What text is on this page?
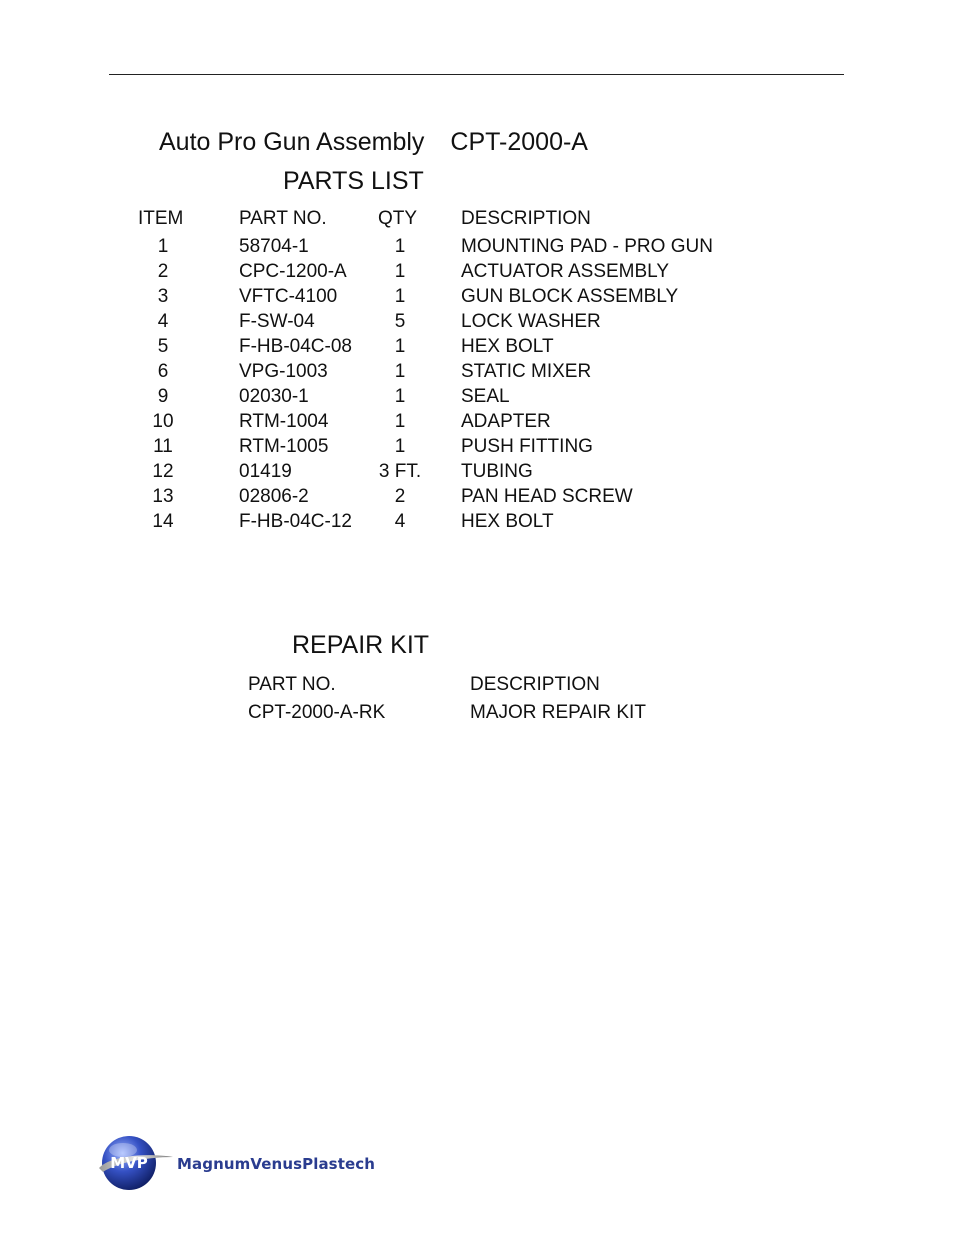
Auto Pro Gun Assembly CPT-2000-A
PARTS LIST
ITEM	PART NO.	QTY DESCRIPTION
1	58704-1	1	MOUNTING PAD - PRO GUN
2	CPC-1200-A	1	ACTUATOR ASSEMBLY
3	VFTC-4100	1	GUN BLOCK ASSEMBLY
4	F-SW-04	5	LOCK WASHER
5	F-HB-04C-08	1	HEX BOLT
6	VPG-1003	1	STATIC MIXER
9	02030-1	1	SEAL
10	RTM-1004	1	ADAPTER
11	RTM-1005	1	PUSH FITTING
12	01419	3 FT.	TUBING
13	02806-2	2	PAN HEAD SCREW
14	F-HB-04C-12	4	HEX BOLT
REPAIR KIT
PART NO.	DESCRIPTION
CPT-2000-A-RK	MAJOR REPAIR KIT
MVP MagnumVenusPlastech
